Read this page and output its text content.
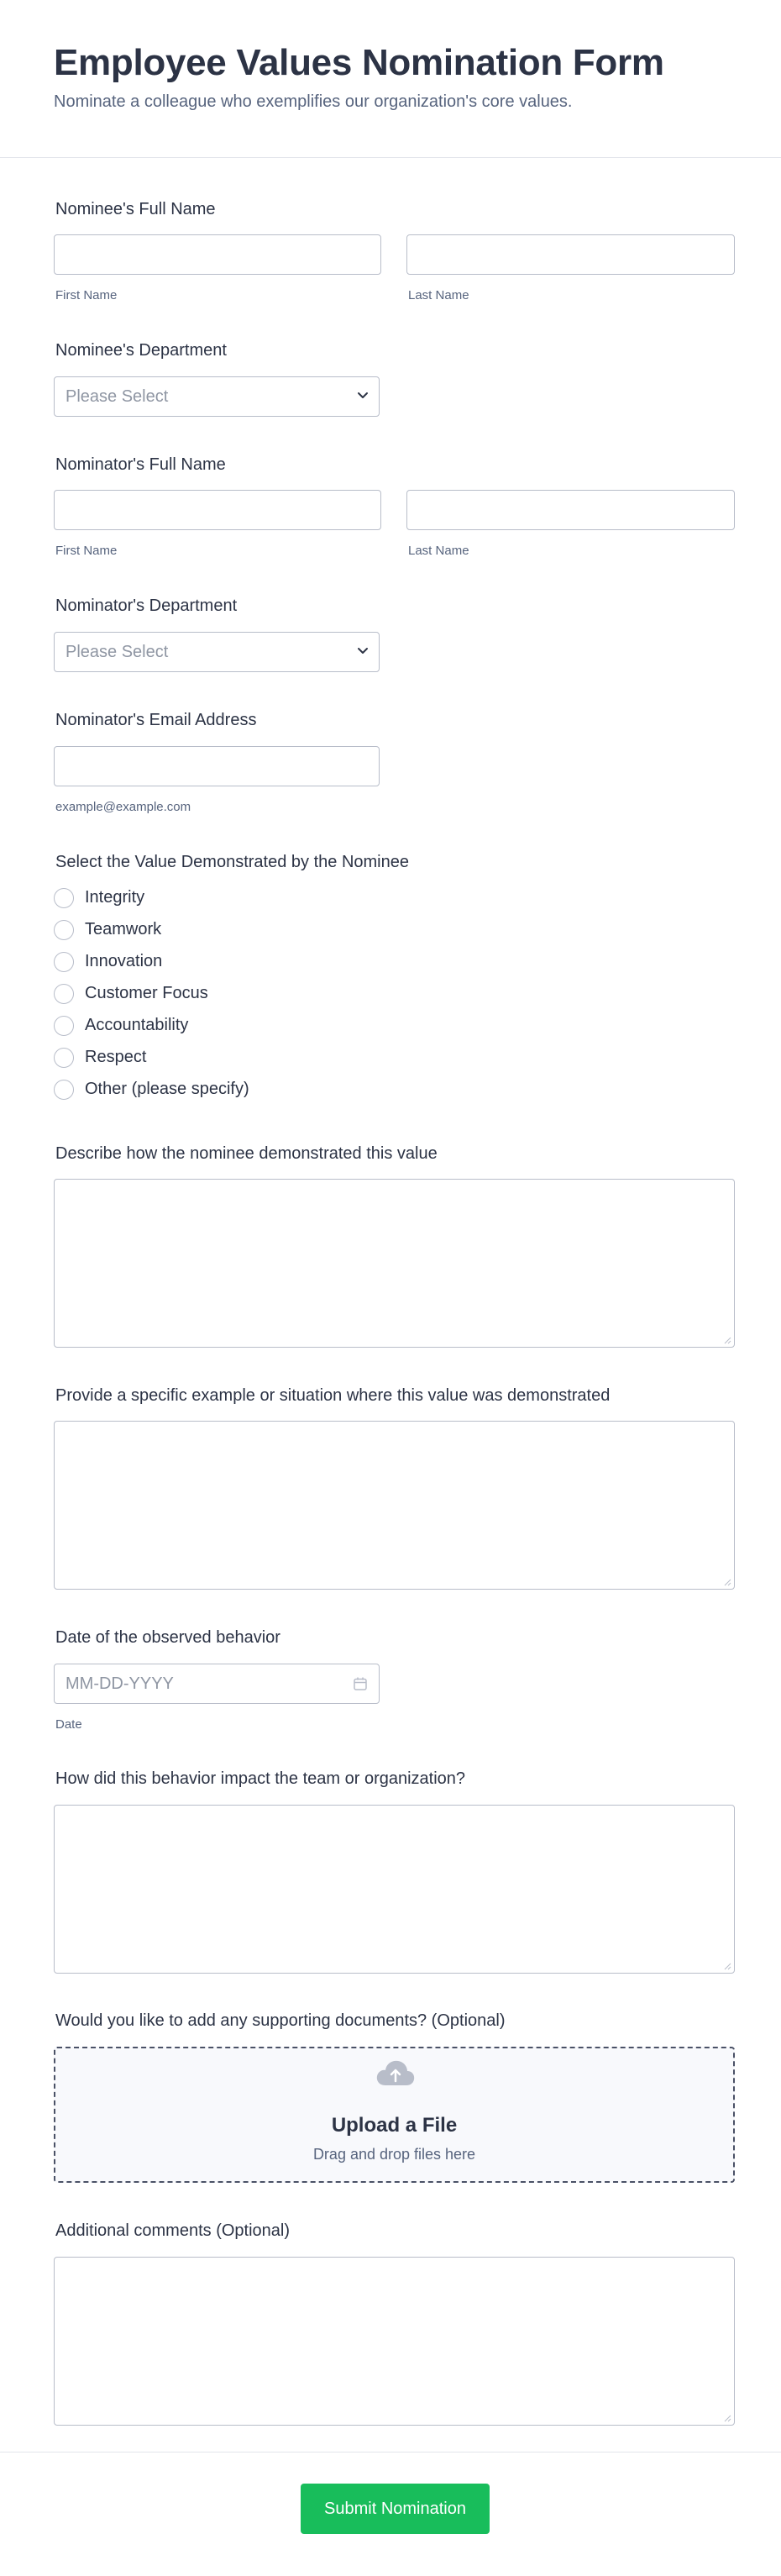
Employee Values Nomination Form

Nominate a colleague who exemplifies our organization's core values.

Nominee's Full Name
First Name	Last Name
Nominee's Department
Please Select
Nominator's Full Name
First Name	Last Name
Nominator's Department
Please Select
Nominator's Email Address
example@example.com
Select the Value Demonstrated by the Nominee
Integrity
Teamwork
Innovation
Customer Focus
Accountability
Respect
Other (please specify)
Describe how the nominee demonstrated this value
Provide a specific example or situation where this value was demonstrated
Date of the observed behavior
MM-DD-YYYY
Date
How did this behavior impact the team or organization?
Would you like to add any supporting documents? (Optional)
Upload a File
Drag and drop files here
Additional comments (Optional)
Submit Nomination
